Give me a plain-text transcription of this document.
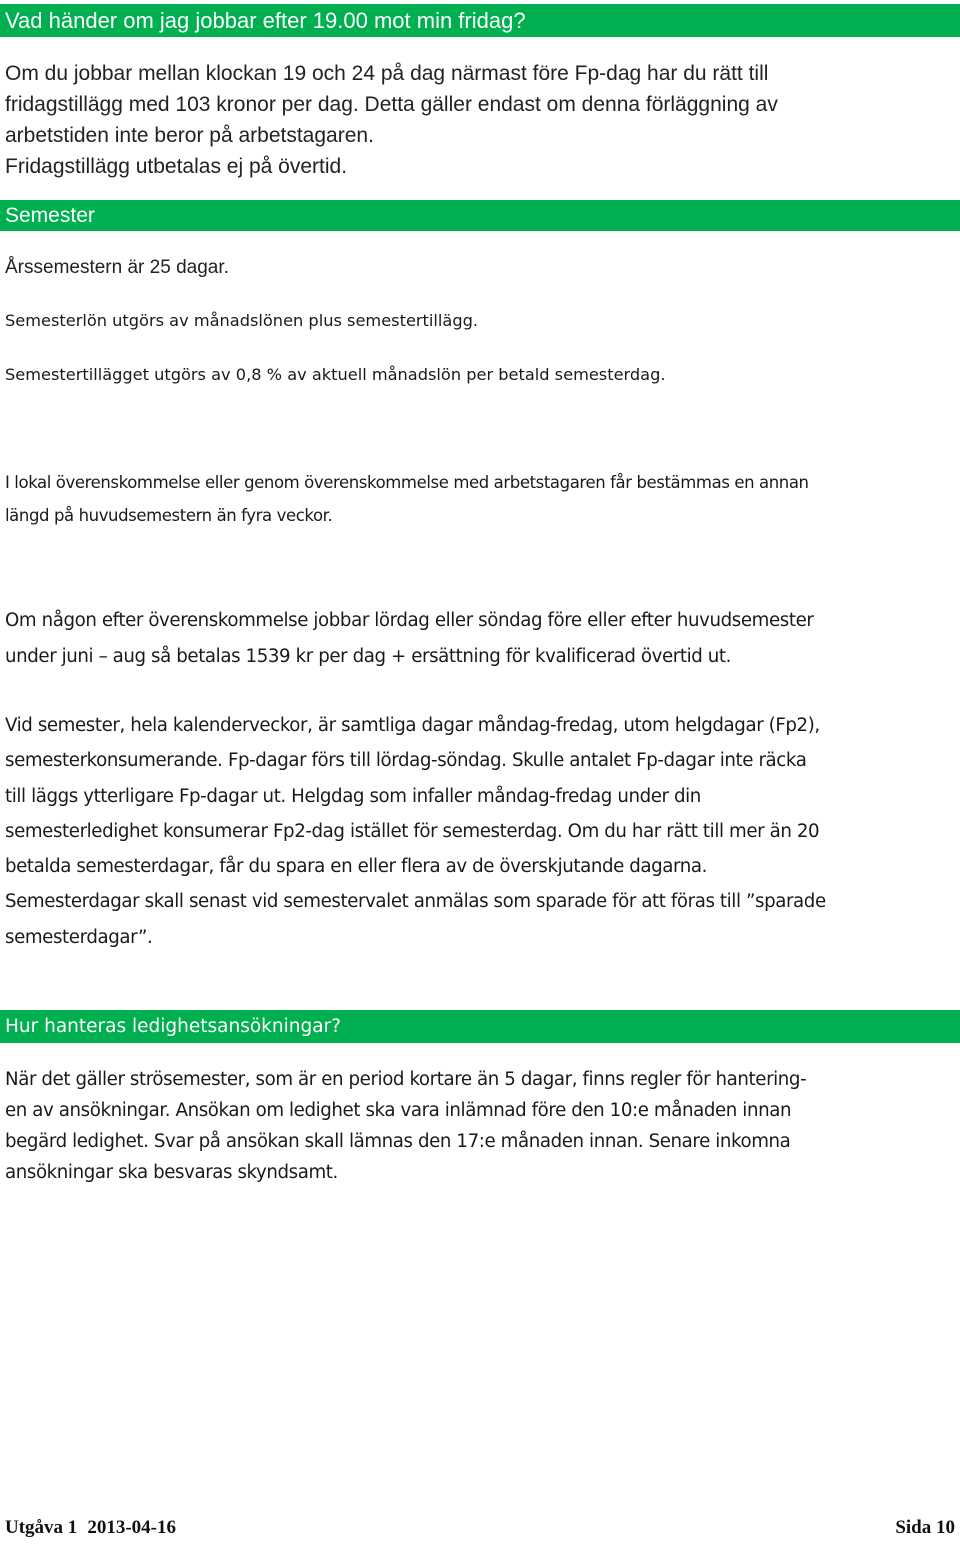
Vad händer om jag jobbar efter 19.00 mot min fridag?
Om du jobbar mellan klockan 19 och 24 på dag närmast före Fp-dag har du rätt till
fridagstillägg med 103 kronor per dag. Detta gäller endast om denna förläggning av
arbetstiden inte beror på arbetstagaren.
Fridagstillägg utbetalas ej på övertid.
Semester
Årssemestern är 25 dagar.
Semesterlön utgörs av månadslönen plus semestertillägg.
Semestertillägget utgörs av 0,8 % av aktuell månadslön per betald semesterdag.
I lokal överenskommelse eller genom överenskommelse med arbetstagaren får bestämmas en annan
längd på huvudsemestern än fyra veckor.
Om någon efter överenskommelse jobbar lördag eller söndag före eller efter huvudsemester
under juni – aug så betalas 1539 kr per dag + ersättning för kvalificerad övertid ut.
Vid semester, hela kalenderveckor, är samtliga dagar måndag-fredag, utom helgdagar (Fp2),
semesterkonsumerande. Fp-dagar förs till lördag-söndag. Skulle antalet Fp-dagar inte räcka
till läggs ytterligare Fp-dagar ut. Helgdag som infaller måndag-fredag under din
semesterledighet konsumerar Fp2-dag istället för semesterdag. Om du har rätt till mer än 20
betalda semesterdagar, får du spara en eller flera av de överskjutande dagarna.
Semesterdagar skall senast vid semestervalet anmälas som sparade för att föras till ”sparade
semesterdagar”.
Hur hanteras ledighetsansökningar?
När det gäller strösemester, som är en period kortare än 5 dagar, finns regler för hantering-
en av ansökningar. Ansökan om ledighet ska vara inlämnad före den 10:e månaden innan
begärd ledighet. Svar på ansökan skall lämnas den 17:e månaden innan. Senare inkomna
ansökningar ska besvaras skyndsamt.
Utgåva 1 2013-04-16	Sida 10
